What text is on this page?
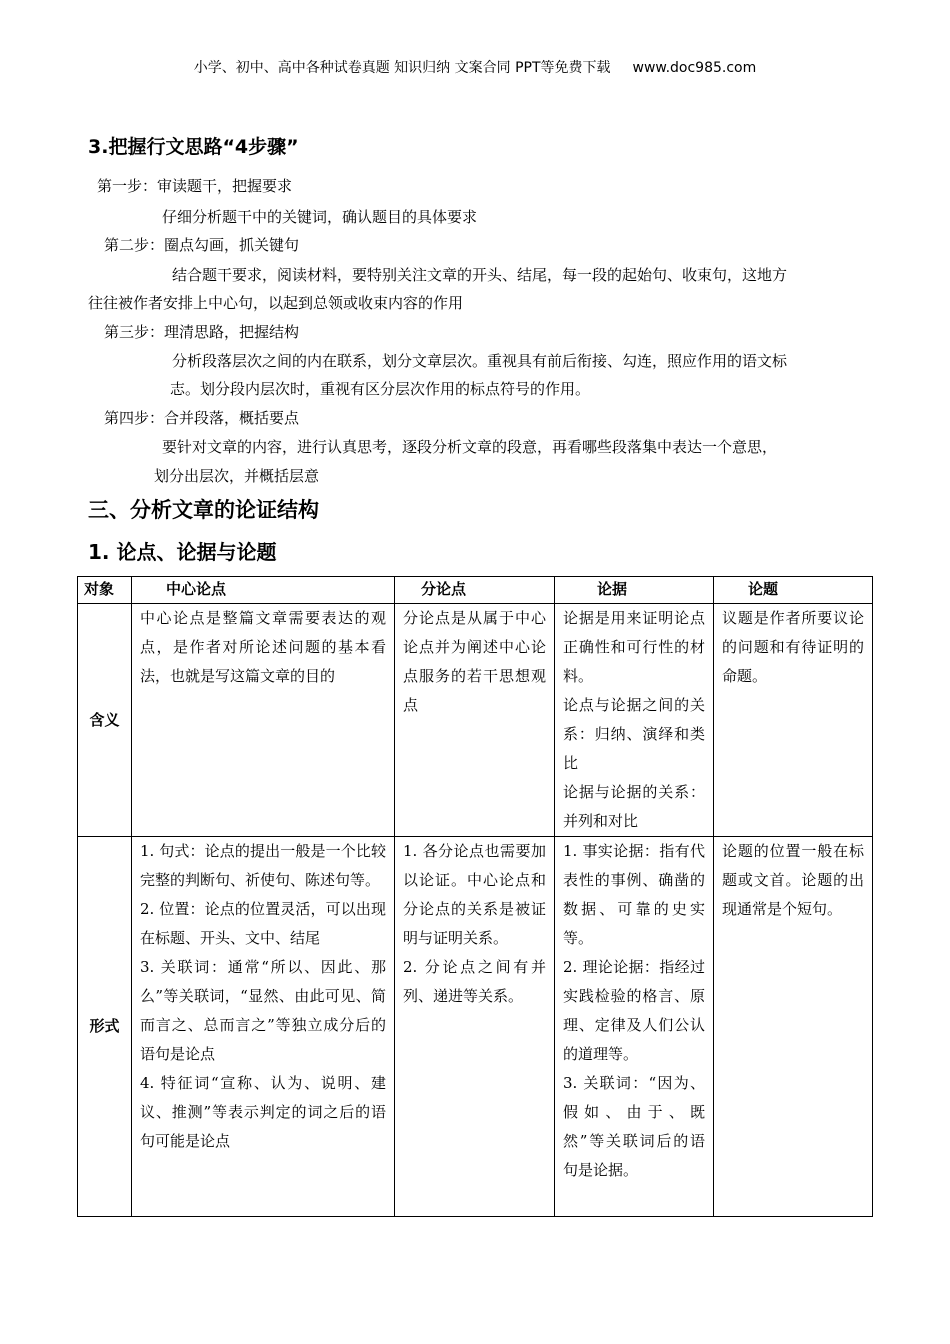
小学、初中、高中各种试卷真题 知识归纳 文案合同 PPT等免费下载 www.doc985.com
3.把握行文思路“4步骤”
第一步：审读题干，把握要求
仔细分析题干中的关键词，确认题目的具体要求
第二步：圈点勾画，抓关键句
结合题干要求，阅读材料，要特别关注文章的开头、结尾，每一段的起始句、收束句，这地方
往往被作者安排上中心句，以起到总领或收束内容的作用
第三步：理清思路，把握结构
分析段落层次之间的内在联系，划分文章层次。重视具有前后衔接、勾连，照应作用的语文标
志。划分段内层次时，重视有区分层次作用的标点符号的作用。
第四步：合并段落，概括要点
要针对文章的内容，进行认真思考，逐段分析文章的段意，再看哪些段落集中表达一个意思，
划分出层次，并概括层意
三、分析文章的论证结构
1. 论点、论据与论题
对象	中心论点	分论点	论据	论题
含义	中心论点是整篇文章需要表达的观点，是作者对所论述问题的基本看法，也就是写这篇文章的目的	分论点是从属于中心论点并为阐述中心论点服务的若干思想观点	论据是用来证明论点正确性和可行性的材料。
论点与论据之间的关系：归纳、演绎和类比
论据与论据的关系：并列和对比	议题是作者所要议论的问题和有待证明的命题。

形式	1. 句式：论点的提出一般是一个比较完整的判断句、祈使句、陈述句等。
2. 位置：论点的位置灵活，可以出现在标题、开头、文中、结尾
3. 关联词：通常“所以、因此、那么”等关联词，“显然、由此可见、简而言之、总而言之”等独立成分后的语句是论点
4. 特征词“宣称、认为、说明、建议、推测”等表示判定的词之后的语句可能是论点	1. 各分论点也需要加以论证。中心论点和分论点的关系是被证明与证明关系。
2. 分论点之间有并列、递进等关系。	1. 事实论据：指有代表性的事例、确凿的数据、可靠的史实等。
2. 理论论据：指经过实践检验的格言、原理、定律及人们公认的道理等。
3. 关联词：“因为、假如、由于、既然”等关联词后的语句是论据。	论题的位置一般在标题或文首。论题的出现通常是个短句。
